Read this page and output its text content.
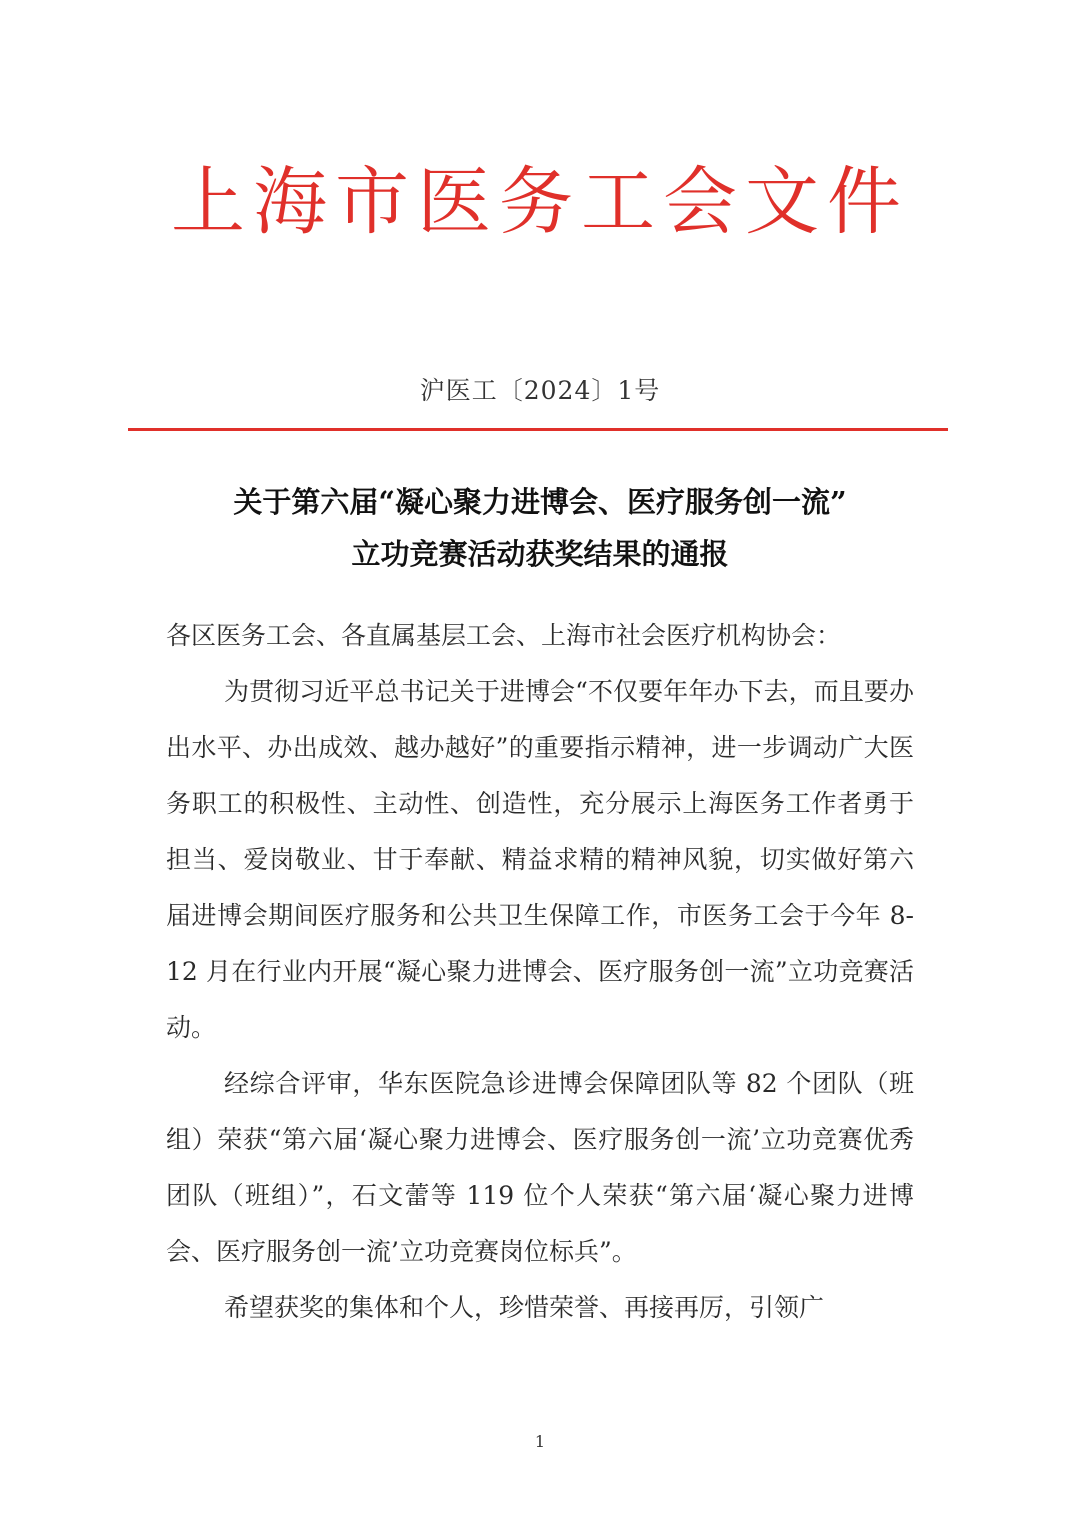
上海市医务工会文件
沪医工〔2024〕1号
关于第六届“凝心聚力进博会、医疗服务创一流”
立功竞赛活动获奖结果的通报

各区医务工会、各直属基层工会、上海市社会医疗机构协会：

为贯彻习近平总书记关于进博会“不仅要年年办下去，而且要办出水平、办出成效、越办越好”的重要指示精神，进一步调动广大医务职工的积极性、主动性、创造性，充分展示上海医务工作者勇于担当、爱岗敬业、甘于奉献、精益求精的精神风貌，切实做好第六届进博会期间医疗服务和公共卫生保障工作，市医务工会于今年 8-12 月在行业内开展“凝心聚力进博会、医疗服务创一流”立功竞赛活动。

经综合评审，华东医院急诊进博会保障团队等 82 个团队（班组）荣获“第六届‘凝心聚力进博会、医疗服务创一流’立功竞赛优秀团队（班组）”，石文蕾等 119 位个人荣获“第六届‘凝心聚力进博会、医疗服务创一流’立功竞赛岗位标兵”。

希望获奖的集体和个人，珍惜荣誉、再接再厉，引领广

1
